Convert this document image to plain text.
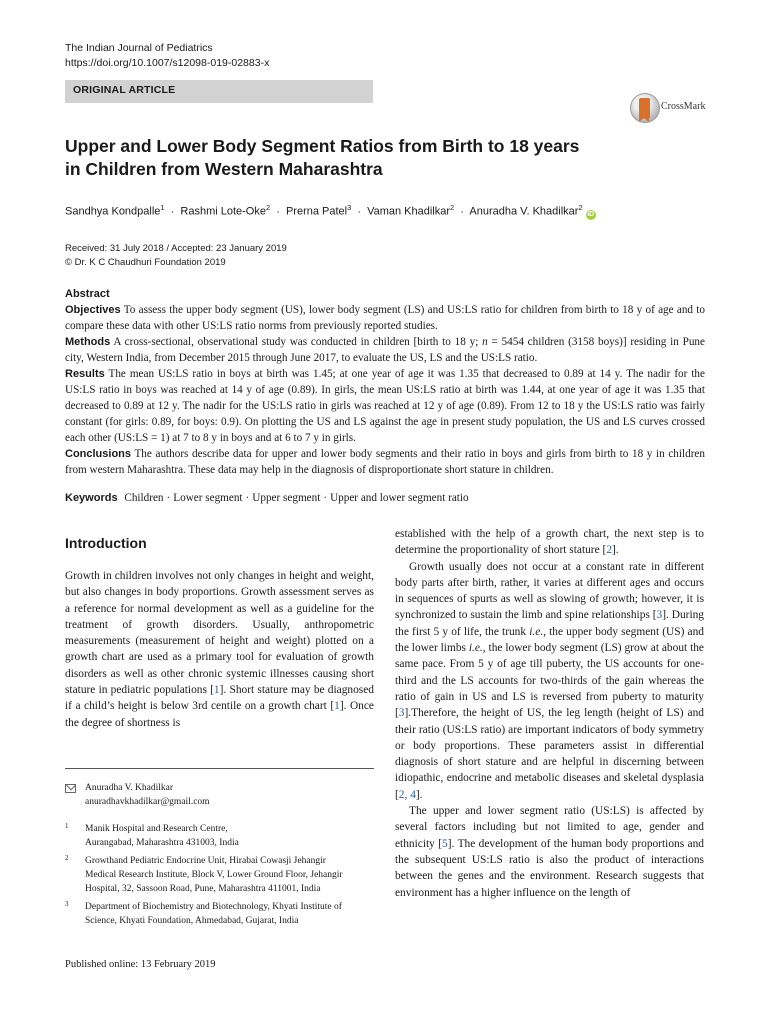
The Indian Journal of Pediatrics
https://doi.org/10.1007/s12098-019-02883-x
ORIGINAL ARTICLE
CrossMark
Upper and Lower Body Segment Ratios from Birth to 18 years
in Children from Western Maharashtra
Sandhya Kondpalle$^1$ · Rashmi Lote-Oke$^2$ · Prerna Patel$^3$ · Vaman Khadilkar$^2$ · Anuradha V. Khadilkar$^2$ iD
Received: 31 July 2018 / Accepted: 23 January 2019
© Dr. K C Chaudhuri Foundation 2019
Abstract

Objectives To assess the upper body segment (US), lower body segment (LS) and US:LS ratio for children from birth to 18 y of age and to compare these data with other US:LS ratio norms from previously reported studies.

Methods A cross-sectional, observational study was conducted in children [birth to 18 y; n = 5454 children (3158 boys)] residing in Pune city, Western India, from December 2015 through June 2017, to evaluate the US, LS and the US:LS ratio.

Results The mean US:LS ratio in boys at birth was 1.45; at one year of age it was 1.35 that decreased to 0.89 at 14 y. The nadir for the US:LS ratio in boys was reached at 14 y of age (0.89). In girls, the mean US:LS ratio at birth was 1.44, at one year of age it was 1.35 that decreased to 0.89 at 12 y. The nadir for the US:LS ratio in girls was reached at 12 y of age (0.89). From 12 to 18 y the US:LS ratio was fairly constant (for girls: 0.89, for boys: 0.9). On plotting the US and LS against the age in present study population, the US and LS curves crossed each other (US:LS = 1) at 7 to 8 y in boys and at 6 to 7 y in girls.

Conclusions The authors describe data for upper and lower body segments and their ratio in boys and girls from birth to 18 y in children from western Maharashtra. These data may help in the diagnosis of disproportionate short stature in children.

Keywords Children · Lower segment · Upper segment · Upper and lower segment ratio
Introduction

Growth in children involves not only changes in height and weight, but also changes in body proportions. Growth assessment serves as a reference for normal development as well as a guideline for the treatment of growth disorders. Usually, anthropometric measurements (measurement of height and weight) plotted on a growth chart are used as a primary tool for evaluation of growth disorders as well as other chronic systemic illnesses causing short stature in pediatric populations [1]. Short stature may be diagnosed if a child’s height is below 3rd centile on a growth chart [1]. Once the degree of shortness is

established with the help of a growth chart, the next step is to determine the proportionality of short stature [2].

Growth usually does not occur at a constant rate in different body parts after birth, rather, it varies at different ages and occurs in sequences of spurts as well as slowing of growth; however, it is synchronized to sustain the limb and spine relationships [3]. During the first 5 y of life, the trunk i.e., the upper body segment (US) and the lower limbs i.e., the lower body segment (LS) grow at about the same pace. From 5 y of age till puberty, the US accounts for one-third and the LS accounts for two-thirds of the gain whereas the ratio of gain in US and LS is reversed from puberty to maturity [3].Therefore, the height of US, the leg length (height of LS) and their ratio (US:LS ratio) are important indicators of body symmetry or body proportions. These parameters assist in differential diagnosis of short stature and are helpful in discerning between idiopathic, endocrine and metabolic diseases and skeletal dysplasia [2, 4].

The upper and lower segment ratio (US:LS) is affected by several factors including but not limited to age, gender and ethnicity [5]. The development of the human body proportions and the subsequent US:LS ratio is also the product of interactions between the genes and the environment. Research suggests that environment has a higher influence on the length of

Anuradha V. Khadilkar
anuradhavkhadilkar@gmail.com
1 Manik Hospital and Research Centre,
Aurangabad, Maharashtra 431003, India
2 Growthand Pediatric Endocrine Unit, Hirabai Cowasji Jehangir
Medical Research Institute, Block V, Lower Ground Floor, Jehangir
Hospital, 32, Sassoon Road, Pune, Maharashtra 411001, India
3 Department of Biochemistry and Biotechnology, Khyati Institute of
Science, Khyati Foundation, Ahmedabad, Gujarat, India
Published online: 13 February 2019
